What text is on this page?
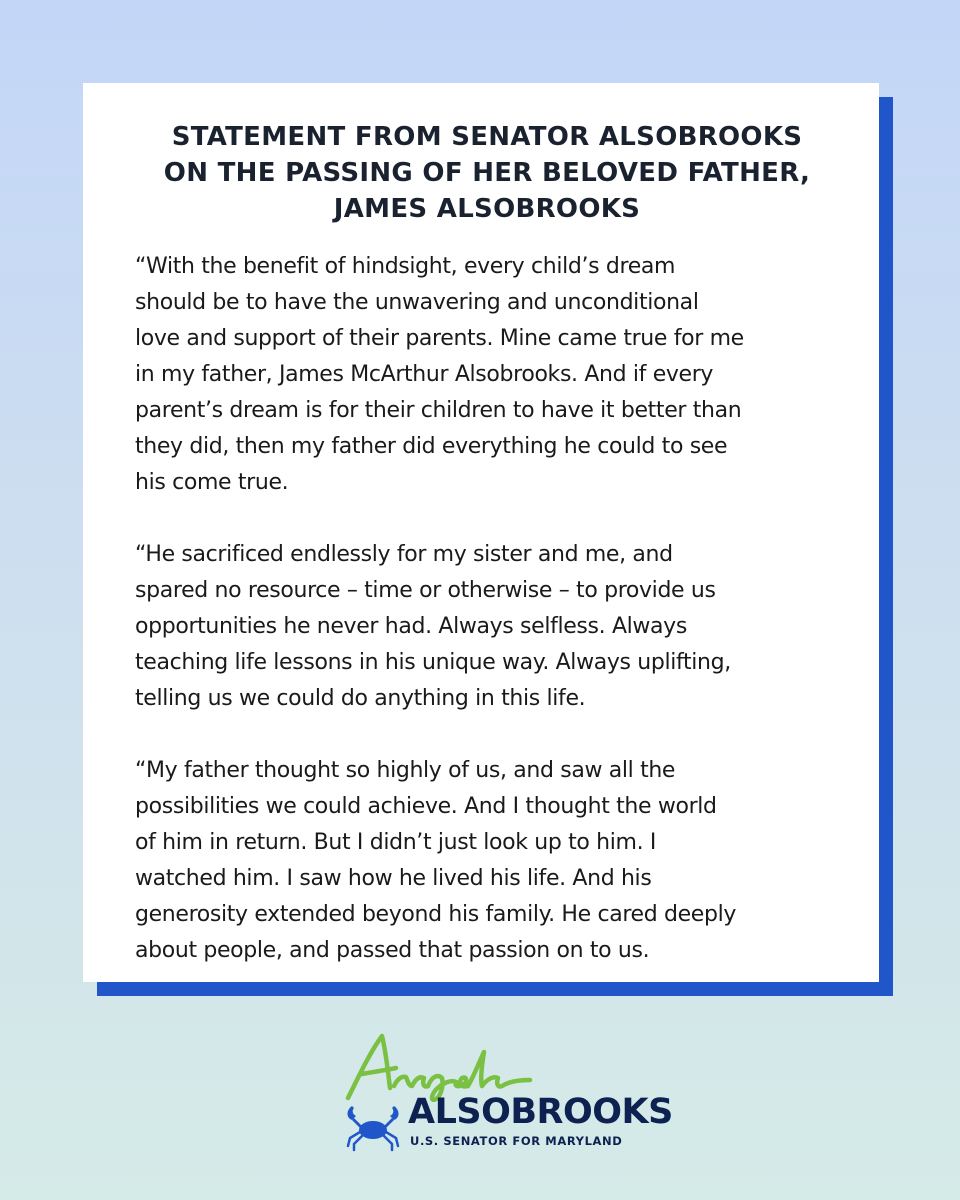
STATEMENT FROM SENATOR ALSOBROOKS
ON THE PASSING OF HER BELOVED FATHER,
JAMES ALSOBROOKS

“With the benefit of hindsight, every child’s dream
should be to have the unwavering and unconditional
love and support of their parents. Mine came true for me
in my father, James McArthur Alsobrooks. And if every
parent’s dream is for their children to have it better than
they did, then my father did everything he could to see
his come true.

“He sacrificed endlessly for my sister and me, and
spared no resource – time or otherwise – to provide us
opportunities he never had. Always selfless. Always
teaching life lessons in his unique way. Always uplifting,
telling us we could do anything in this life.

“My father thought so highly of us, and saw all the
possibilities we could achieve. And I thought the world
of him in return. But I didn’t just look up to him. I
watched him. I saw how he lived his life. And his
generosity extended beyond his family. He cared deeply
about people, and passed that passion on to us.

ALSOBROOKS
U.S. SENATOR FOR MARYLAND
